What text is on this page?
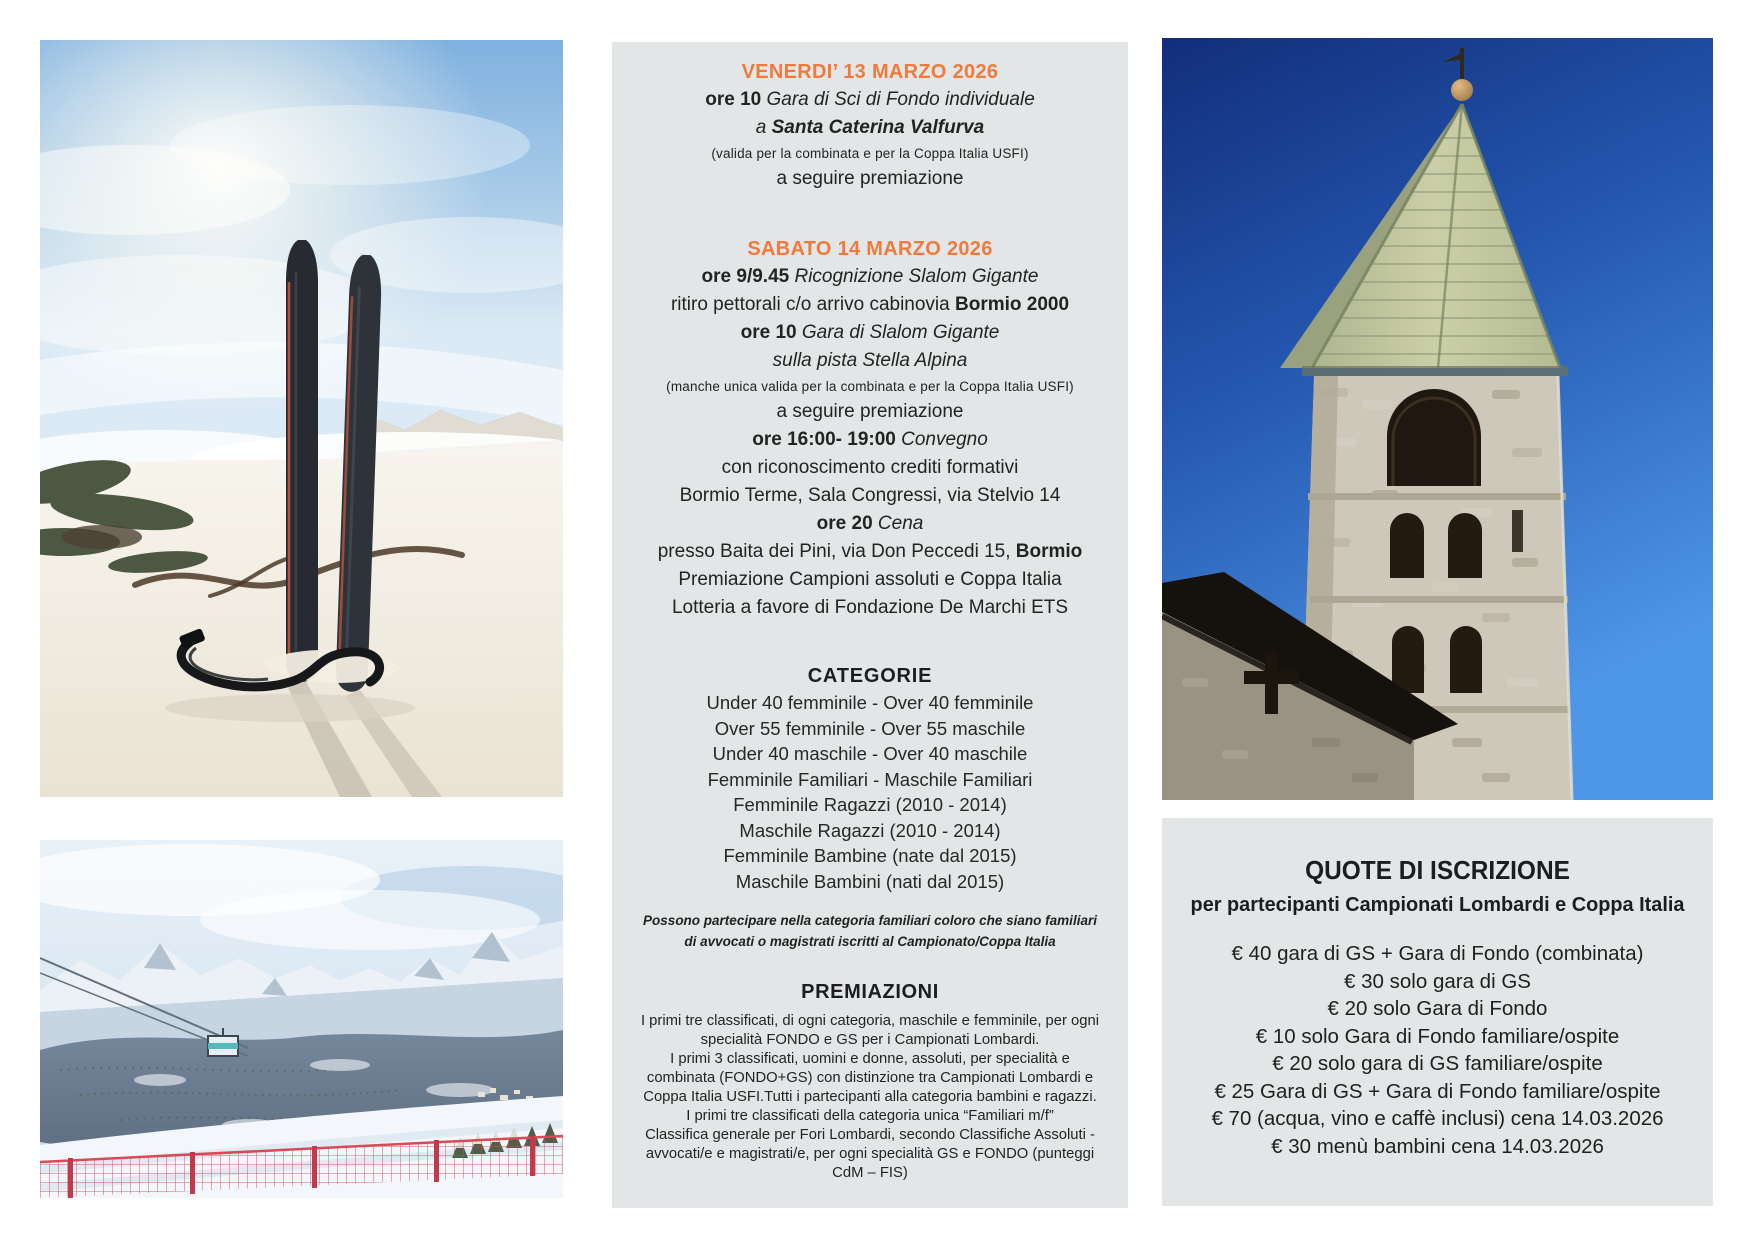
VENERDI’ 13 MARZO 2026
ore 10 Gara di Sci di Fondo individuale
a Santa Caterina Valfurva
(valida per la combinata e per la Coppa Italia USFI)
a seguire premiazione
SABATO 14 MARZO 2026
ore 9/9.45 Ricognizione Slalom Gigante
ritiro pettorali c/o arrivo cabinovia Bormio 2000
ore 10 Gara di Slalom Gigante
sulla pista Stella Alpina
(manche unica valida per la combinata e per la Coppa Italia USFI)
a seguire premiazione
ore 16:00- 19:00 Convegno
con riconoscimento crediti formativi
Bormio Terme, Sala Congressi, via Stelvio 14
ore 20 Cena
presso Baita dei Pini, via Don Peccedi 15, Bormio
Premiazione Campioni assoluti e Coppa Italia
Lotteria a favore di Fondazione De Marchi ETS
CATEGORIE
Under 40 femminile - Over 40 femminile
Over 55 femminile - Over 55 maschile
Under 40 maschile - Over 40 maschile
Femminile Familiari - Maschile Familiari
Femminile Ragazzi (2010 - 2014)
Maschile Ragazzi (2010 - 2014)
Femminile Bambine (nate dal 2015)
Maschile Bambini (nati dal 2015)

Possono partecipare nella categoria familiari coloro che siano familiari di avvocati o magistrati iscritti al Campionato/Coppa Italia

PREMIAZIONI

I primi tre classificati, di ogni categoria, maschile e femminile, per ogni specialità FONDO e GS per i Campionati Lombardi.

I primi 3 classificati, uomini e donne, assoluti, per specialità e combinata (FONDO+GS) con distinzione tra Campionati Lombardi e Coppa Italia USFI.Tutti i partecipanti alla categoria bambini e ragazzi.

I primi tre classificati della categoria unica “Familiari m/f”

Classifica generale per Fori Lombardi, secondo Classifiche Assoluti - avvocati/e e magistrati/e, per ogni specialità GS e FONDO (punteggi CdM – FIS)

QUOTE DI ISCRIZIONE
per partecipanti Campionati Lombardi e Coppa Italia
€ 40 gara di GS + Gara di Fondo (combinata)
€ 30 solo gara di GS
€ 20 solo Gara di Fondo
€ 10 solo Gara di Fondo familiare/ospite
€ 20 solo gara di GS familiare/ospite
€ 25 Gara di GS + Gara di Fondo familiare/ospite
€ 70 (acqua, vino e caffè inclusi) cena 14.03.2026
€ 30 menù bambini cena 14.03.2026
